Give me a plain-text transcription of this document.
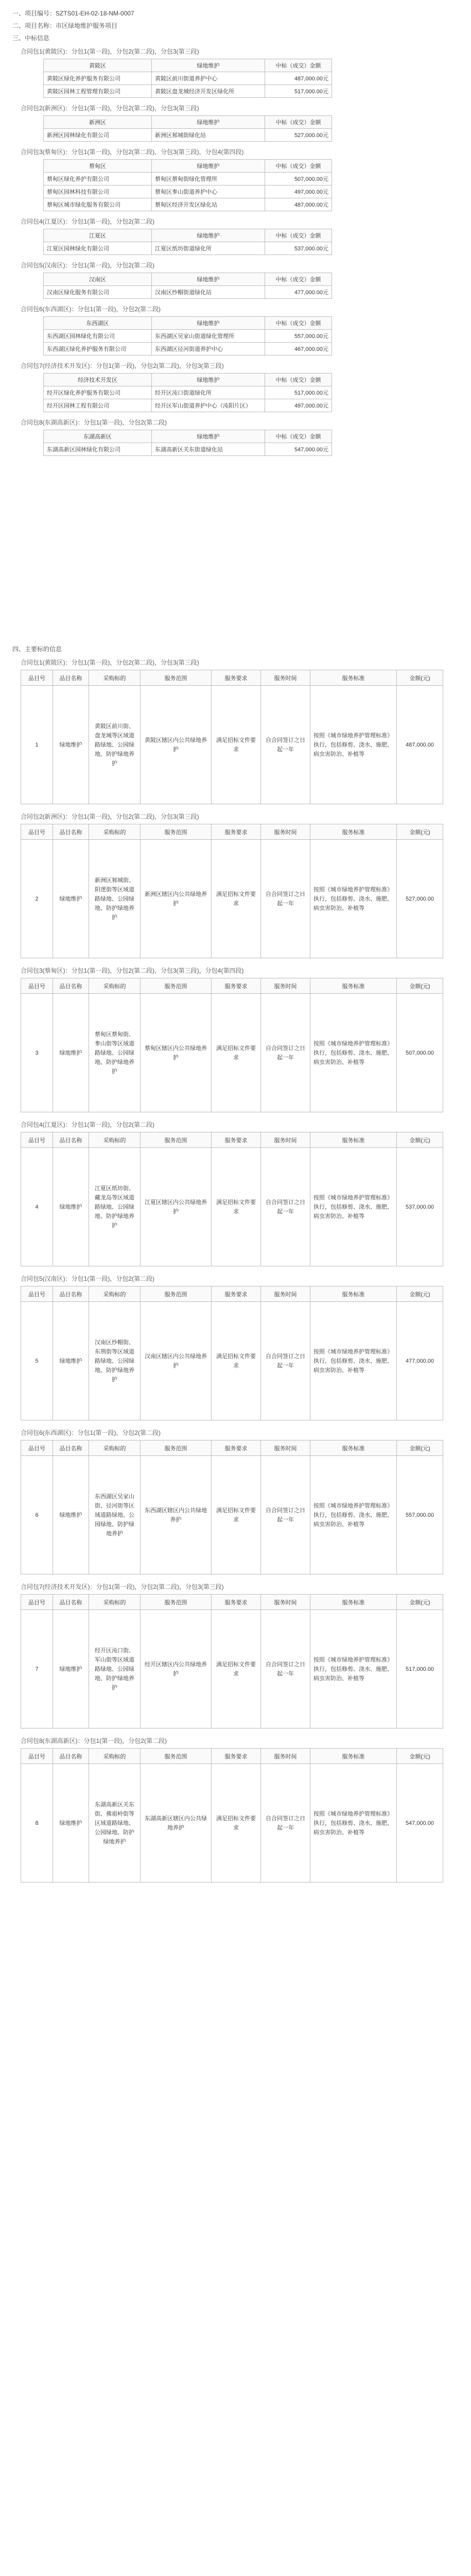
一、项目编号：SZTS01-EH-02-18-NM-0007
二、项目名称：市区绿地维护服务项目
三、中标信息
合同包1(黄陂区)：分包1(第一段)，分包2(第二段)，分包3(第三段)
黄陂区	绿地维护	中标（成交）金额
黄陂区绿化养护服务有限公司	黄陂区前川街道养护中心	487,000.00元
黄陂区园林工程管理有限公司	黄陂区盘龙城经济开发区绿化所	517,000.00元
合同包2(新洲区)：分包1(第一段)，分包2(第二段)，分包3(第三段)
新洲区	绿地维护	中标（成交）金额
新洲区园林绿化有限公司	新洲区邾城街绿化站	527,000.00元
合同包3(蔡甸区)：分包1(第一段)，分包2(第二段)，分包3(第三段)，分包4(第四段)
蔡甸区	绿地维护	中标（成交）金额
蔡甸区绿化养护有限公司	蔡甸区蔡甸街绿化管理所	507,000.00元
蔡甸区园林科技有限公司	蔡甸区奓山街道养护中心	497,000.00元
蔡甸区城市绿化服务有限公司	蔡甸区经济开发区绿化站	487,000.00元
合同包4(江夏区)：分包1(第一段)，分包2(第二段)
江夏区	绿地维护	中标（成交）金额
江夏区园林绿化有限公司	江夏区纸坊街道绿化所	537,000.00元
合同包5(汉南区)：分包1(第一段)，分包2(第二段)
汉南区	绿地维护	中标（成交）金额
汉南区绿化服务有限公司	汉南区纱帽街道绿化站	477,000.00元
合同包6(东西湖区)：分包1(第一段)，分包2(第二段)
东西湖区	绿地维护	中标（成交）金额
东西湖区园林绿化有限公司	东西湖区吴家山街道绿化管理所	557,000.00元
东西湖区绿化养护服务有限公司	东西湖区径河街道养护中心	467,000.00元
合同包7(经济技术开发区)：分包1(第一段)，分包2(第二段)，分包3(第三段)
经济技术开发区	绿地维护	中标（成交）金额
经开区绿化养护服务有限公司	经开区沌口街道绿化所	517,000.00元
经开区园林工程有限公司	经开区军山街道养护中心（沌阳片区）	497,000.00元
合同包8(东湖高新区)：分包1(第一段)，分包2(第二段)
东湖高新区	绿地维护	中标（成交）金额
东湖高新区园林绿化有限公司	东湖高新区关东街道绿化站	547,000.00元
四、主要标的信息
合同包1(黄陂区)：分包1(第一段)，分包2(第二段)，分包3(第三段)
品目号	品目名称	采购标的	服务范围	服务要求	服务时间	服务标准	金额(元)
1	绿地维护	黄陂区前川街、盘龙城等区域道路绿地、公园绿地、防护绿地养护	黄陂区辖区内公共绿地养护	满足招标文件要求	自合同签订之日起一年	按照《城市绿地养护管理标准》执行，包括修剪、浇水、施肥、病虫害防治、补植等	487,000.00
合同包2(新洲区)：分包1(第一段)，分包2(第二段)，分包3(第三段)
品目号	品目名称	采购标的	服务范围	服务要求	服务时间	服务标准	金额(元)
2	绿地维护	新洲区邾城街、阳逻街等区域道路绿地、公园绿地、防护绿地养护	新洲区辖区内公共绿地养护	满足招标文件要求	自合同签订之日起一年	按照《城市绿地养护管理标准》执行，包括修剪、浇水、施肥、病虫害防治、补植等	527,000.00
合同包3(蔡甸区)：分包1(第一段)，分包2(第二段)，分包3(第三段)，分包4(第四段)
品目号	品目名称	采购标的	服务范围	服务要求	服务时间	服务标准	金额(元)
3	绿地维护	蔡甸区蔡甸街、奓山街等区域道路绿地、公园绿地、防护绿地养护	蔡甸区辖区内公共绿地养护	满足招标文件要求	自合同签订之日起一年	按照《城市绿地养护管理标准》执行，包括修剪、浇水、施肥、病虫害防治、补植等	507,000.00
合同包4(江夏区)：分包1(第一段)，分包2(第二段)
品目号	品目名称	采购标的	服务范围	服务要求	服务时间	服务标准	金额(元)
4	绿地维护	江夏区纸坊街、藏龙岛等区域道路绿地、公园绿地、防护绿地养护	江夏区辖区内公共绿地养护	满足招标文件要求	自合同签订之日起一年	按照《城市绿地养护管理标准》执行，包括修剪、浇水、施肥、病虫害防治、补植等	537,000.00
合同包5(汉南区)：分包1(第一段)，分包2(第二段)
品目号	品目名称	采购标的	服务范围	服务要求	服务时间	服务标准	金额(元)
5	绿地维护	汉南区纱帽街、东荆街等区域道路绿地、公园绿地、防护绿地养护	汉南区辖区内公共绿地养护	满足招标文件要求	自合同签订之日起一年	按照《城市绿地养护管理标准》执行，包括修剪、浇水、施肥、病虫害防治、补植等	477,000.00
合同包6(东西湖区)：分包1(第一段)，分包2(第二段)
品目号	品目名称	采购标的	服务范围	服务要求	服务时间	服务标准	金额(元)
6	绿地维护	东西湖区吴家山街、径河街等区域道路绿地、公园绿地、防护绿地养护	东西湖区辖区内公共绿地养护	满足招标文件要求	自合同签订之日起一年	按照《城市绿地养护管理标准》执行，包括修剪、浇水、施肥、病虫害防治、补植等	557,000.00
合同包7(经济技术开发区)：分包1(第一段)，分包2(第二段)，分包3(第三段)
品目号	品目名称	采购标的	服务范围	服务要求	服务时间	服务标准	金额(元)
7	绿地维护	经开区沌口街、军山街等区域道路绿地、公园绿地、防护绿地养护	经开区辖区内公共绿地养护	满足招标文件要求	自合同签订之日起一年	按照《城市绿地养护管理标准》执行，包括修剪、浇水、施肥、病虫害防治、补植等	517,000.00
合同包8(东湖高新区)：分包1(第一段)，分包2(第二段)
品目号	品目名称	采购标的	服务范围	服务要求	服务时间	服务标准	金额(元)
8	绿地维护	东湖高新区关东街、佛祖岭街等区域道路绿地、公园绿地、防护绿地养护	东湖高新区辖区内公共绿地养护	满足招标文件要求	自合同签订之日起一年	按照《城市绿地养护管理标准》执行，包括修剪、浇水、施肥、病虫害防治、补植等	547,000.00
